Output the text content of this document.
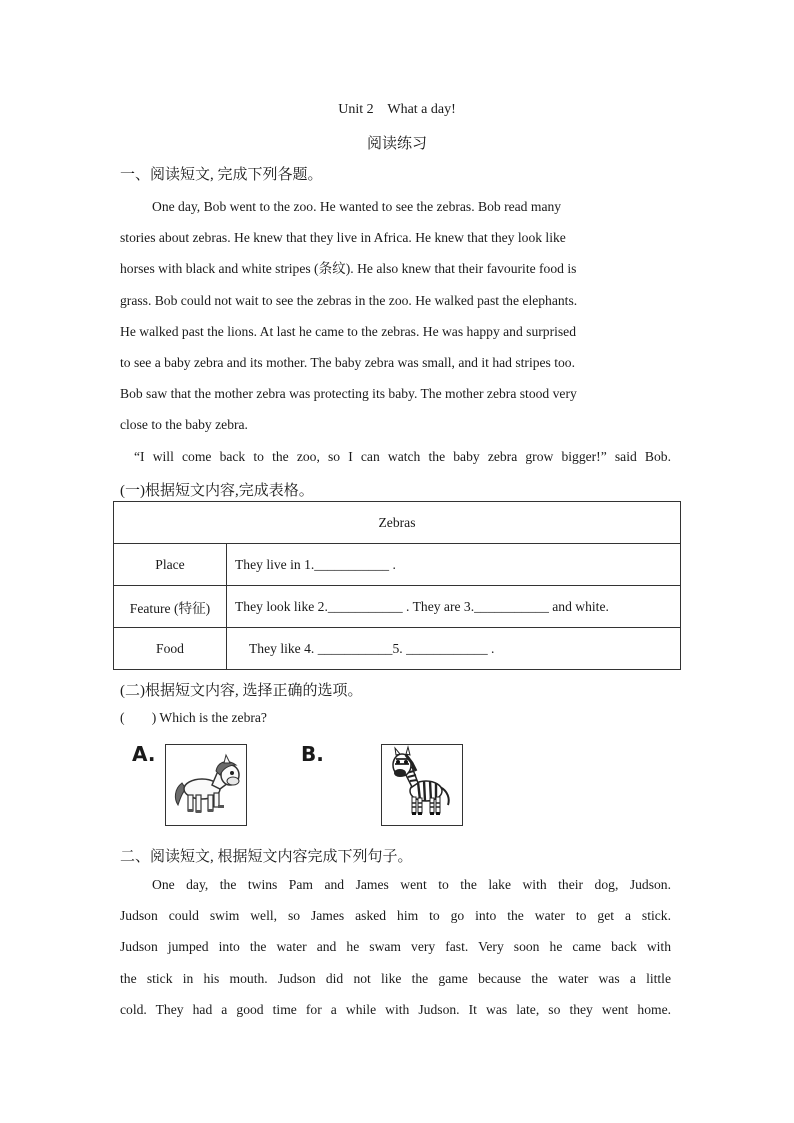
Unit 2    What a day!
阅读练习
一、阅读短文, 完成下列各题。
One day, Bob went to the zoo. He wanted to see the zebras. Bob read many
stories about zebras. He knew that they live in Africa. He knew that they look like
horses with black and white stripes (条纹). He also knew that their favourite food is
grass. Bob could not wait to see the zebras in the zoo. He walked past the elephants.
He walked past the lions. At last he came to the zebras. He was happy and surprised
to see a baby zebra and its mother. The baby zebra was small, and it had stripes too.
Bob saw that the mother zebra was protecting its baby. The mother zebra stood very
close to the baby zebra.
“I will come back to the zoo, so I can watch the baby zebra grow bigger!” said Bob.
(一)根据短文内容,完成表格。
Zebras	
Place	They live in 1.___________ .
Feature (特征)	They look like 2.___________ . They are 3.___________ and white.
Food	They like 4. ___________5. ____________ .
(二)根据短文内容, 选择正确的选项。
(        ) Which is the zebra?
A.	B.
二、阅读短文, 根据短文内容完成下列句子。
One day, the twins Pam and James went to the lake with their dog, Judson.
Judson could swim well, so James asked him to go into the water to get a stick.
Judson jumped into the water and he swam very fast. Very soon he came back with
the stick in his mouth. Judson did not like the game because the water was a little
cold. They had a good time for a while with Judson. It was late, so they went home.
